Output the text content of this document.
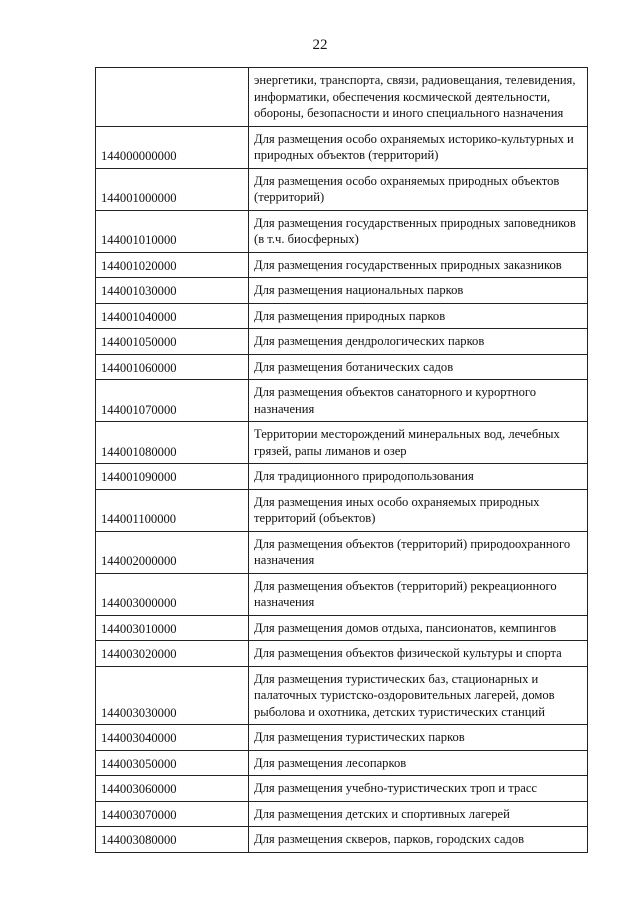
22
	энергетики, транспорта, связи, радиовещания, телевидения, информатики, обеспечения космической деятельности, обороны, безопасности и иного специального назначения
144000000000	Для размещения особо охраняемых историко-культурных и природных объектов (территорий)
144001000000	Для размещения особо охраняемых природных объектов (территорий)
144001010000	Для размещения государственных природных заповедников (в т.ч. биосферных)
144001020000	Для размещения государственных природных заказников
144001030000	Для размещения национальных парков
144001040000	Для размещения природных парков
144001050000	Для размещения дендрологических парков
144001060000	Для размещения ботанических садов
144001070000	Для размещения объектов санаторного и курортного назначения
144001080000	Территории месторождений минеральных вод, лечебных грязей, рапы лиманов и озер
144001090000	Для традиционного природопользования
144001100000	Для размещения иных особо охраняемых природных территорий (объектов)
144002000000	Для размещения объектов (территорий) природоохранного назначения
144003000000	Для размещения объектов (территорий) рекреационного назначения
144003010000	Для размещения домов отдыха, пансионатов, кемпингов
144003020000	Для размещения объектов физической культуры и спорта
144003030000	Для размещения туристических баз, стационарных и палаточных туристско-оздоровительных лагерей, домов рыболова и охотника, детских туристических станций
144003040000	Для размещения туристических парков
144003050000	Для размещения лесопарков
144003060000	Для размещения учебно-туристических троп и трасс
144003070000	Для размещения детских и спортивных лагерей
144003080000	Для размещения скверов, парков, городских садов
